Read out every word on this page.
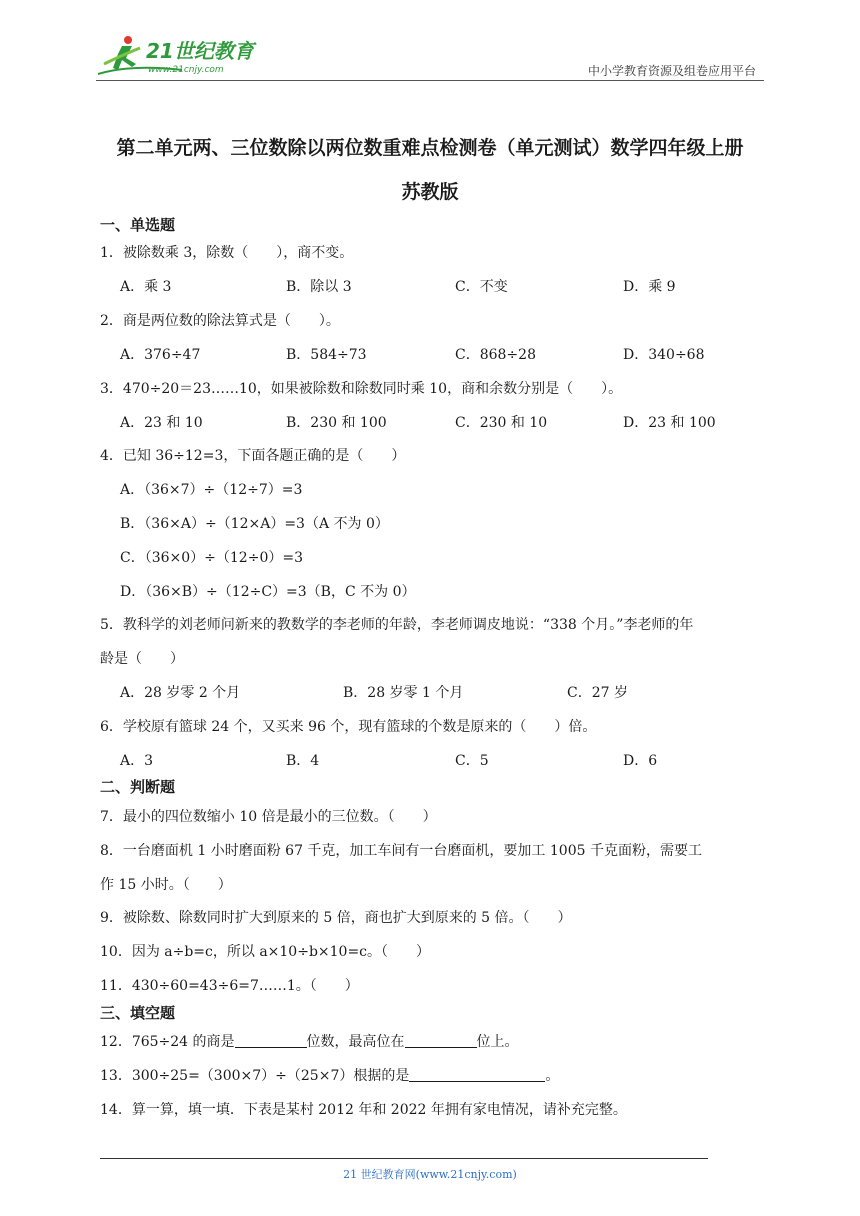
21世纪教育
www.21cnjy.com	中小学教育资源及组卷应用平台
第二单元两、三位数除以两位数重难点检测卷（单元测试）数学四年级上册
苏教版
一、单选题
1．被除数乘 3，除数（　　），商不变。
A．乘 3	B．除以 3	C．不变	D．乘 9
2．商是两位数的除法算式是（　　）。
A．376÷47	B．584÷73	C．868÷28	D．340÷68
3．470÷20＝23……10，如果被除数和除数同时乘 10，商和余数分别是（　　）。
A．23 和 10	B．230 和 100	C．230 和 10	D．23 和 100
4．已知 36÷12=3，下面各题正确的是（　　）
A．（36×7）÷（12÷7）=3
B．（36×A）÷（12×A）=3（A 不为 0）
C．（36×0）÷（12÷0）=3
D．（36×B）÷（12÷C）=3（B，C 不为 0）
5．教科学的刘老师问新来的教数学的李老师的年龄，李老师调皮地说：“338 个月。”李老师的年
龄是（　　）
A．28 岁零 2 个月	B．28 岁零 1 个月	C．27 岁
6．学校原有篮球 24 个，又买来 96 个，现有篮球的个数是原来的（　　）倍。
A．3	B．4	C．5	D．6
二、判断题
7．最小的四位数缩小 10 倍是最小的三位数。（　　）
8．一台磨面机 1 小时磨面粉 67 千克，加工车间有一台磨面机，要加工 1005 千克面粉，需要工
作 15 小时。（　　）
9．被除数、除数同时扩大到原来的 5 倍，商也扩大到原来的 5 倍。（　　）
10．因为 a÷b=c，所以 a×10÷b×10=c。（　　）
11．430÷60=43÷6=7……1。（　　）
三、填空题
12．765÷24 的商是	位数，最高位在	位上。
13．300÷25=（300×7）÷（25×7）根据的是	。
14．算一算，填一填．下表是某村 2012 年和 2022 年拥有家电情况，请补充完整。
21 世纪教育网(www.21cnjy.com)
